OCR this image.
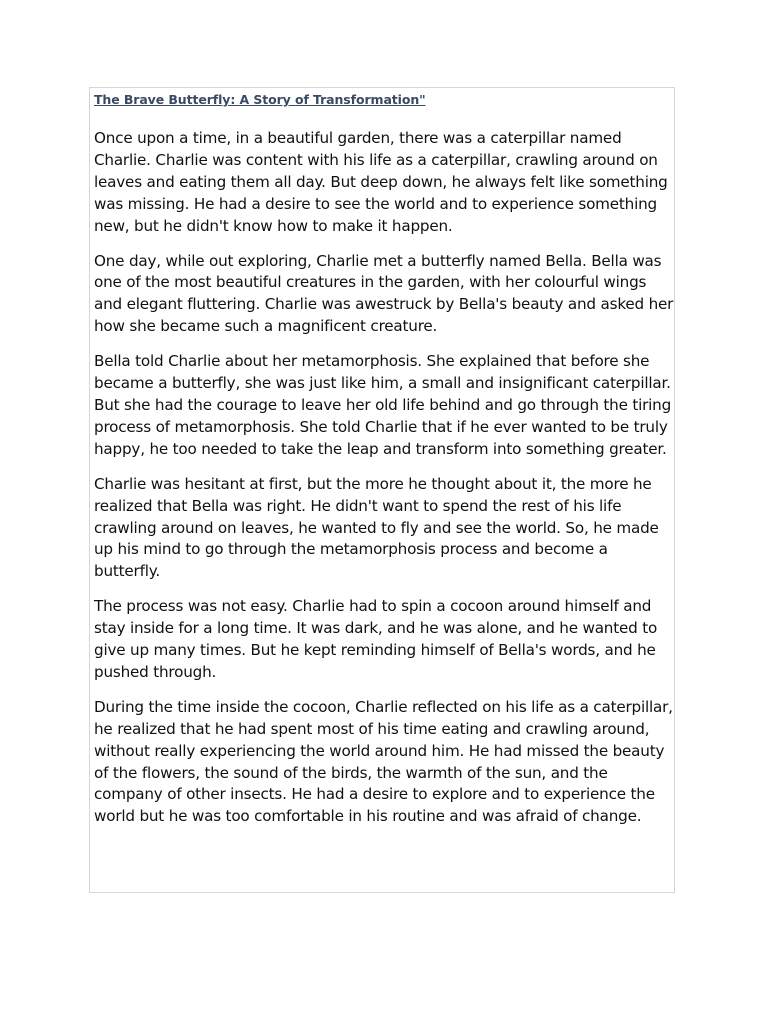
The Brave Butterfly: A Story of Transformation"

Once upon a time, in a beautiful garden, there was a caterpillar named Charlie. Charlie was content with his life as a caterpillar, crawling around on leaves and eating them all day. But deep down, he always felt like something was missing. He had a desire to see the world and to experience something new, but he didn't know how to make it happen.

One day, while out exploring, Charlie met a butterfly named Bella. Bella was one of the most beautiful creatures in the garden, with her colourful wings and elegant fluttering. Charlie was awestruck by Bella's beauty and asked her how she became such a magnificent creature.

Bella told Charlie about her metamorphosis. She explained that before she became a butterfly, she was just like him, a small and insignificant caterpillar. But she had the courage to leave her old life behind and go through the tiring process of metamorphosis. She told Charlie that if he ever wanted to be truly happy, he too needed to take the leap and transform into something greater.

Charlie was hesitant at first, but the more he thought about it, the more he realized that Bella was right. He didn't want to spend the rest of his life crawling around on leaves, he wanted to fly and see the world. So, he made up his mind to go through the metamorphosis process and become a butterfly.

The process was not easy. Charlie had to spin a cocoon around himself and stay inside for a long time. It was dark, and he was alone, and he wanted to give up many times. But he kept reminding himself of Bella's words, and he pushed through.

During the time inside the cocoon, Charlie reflected on his life as a caterpillar, he realized that he had spent most of his time eating and crawling around, without really experiencing the world around him. He had missed the beauty of the flowers, the sound of the birds, the warmth of the sun, and the company of other insects. He had a desire to explore and to experience the world but he was too comfortable in his routine and was afraid of change.
